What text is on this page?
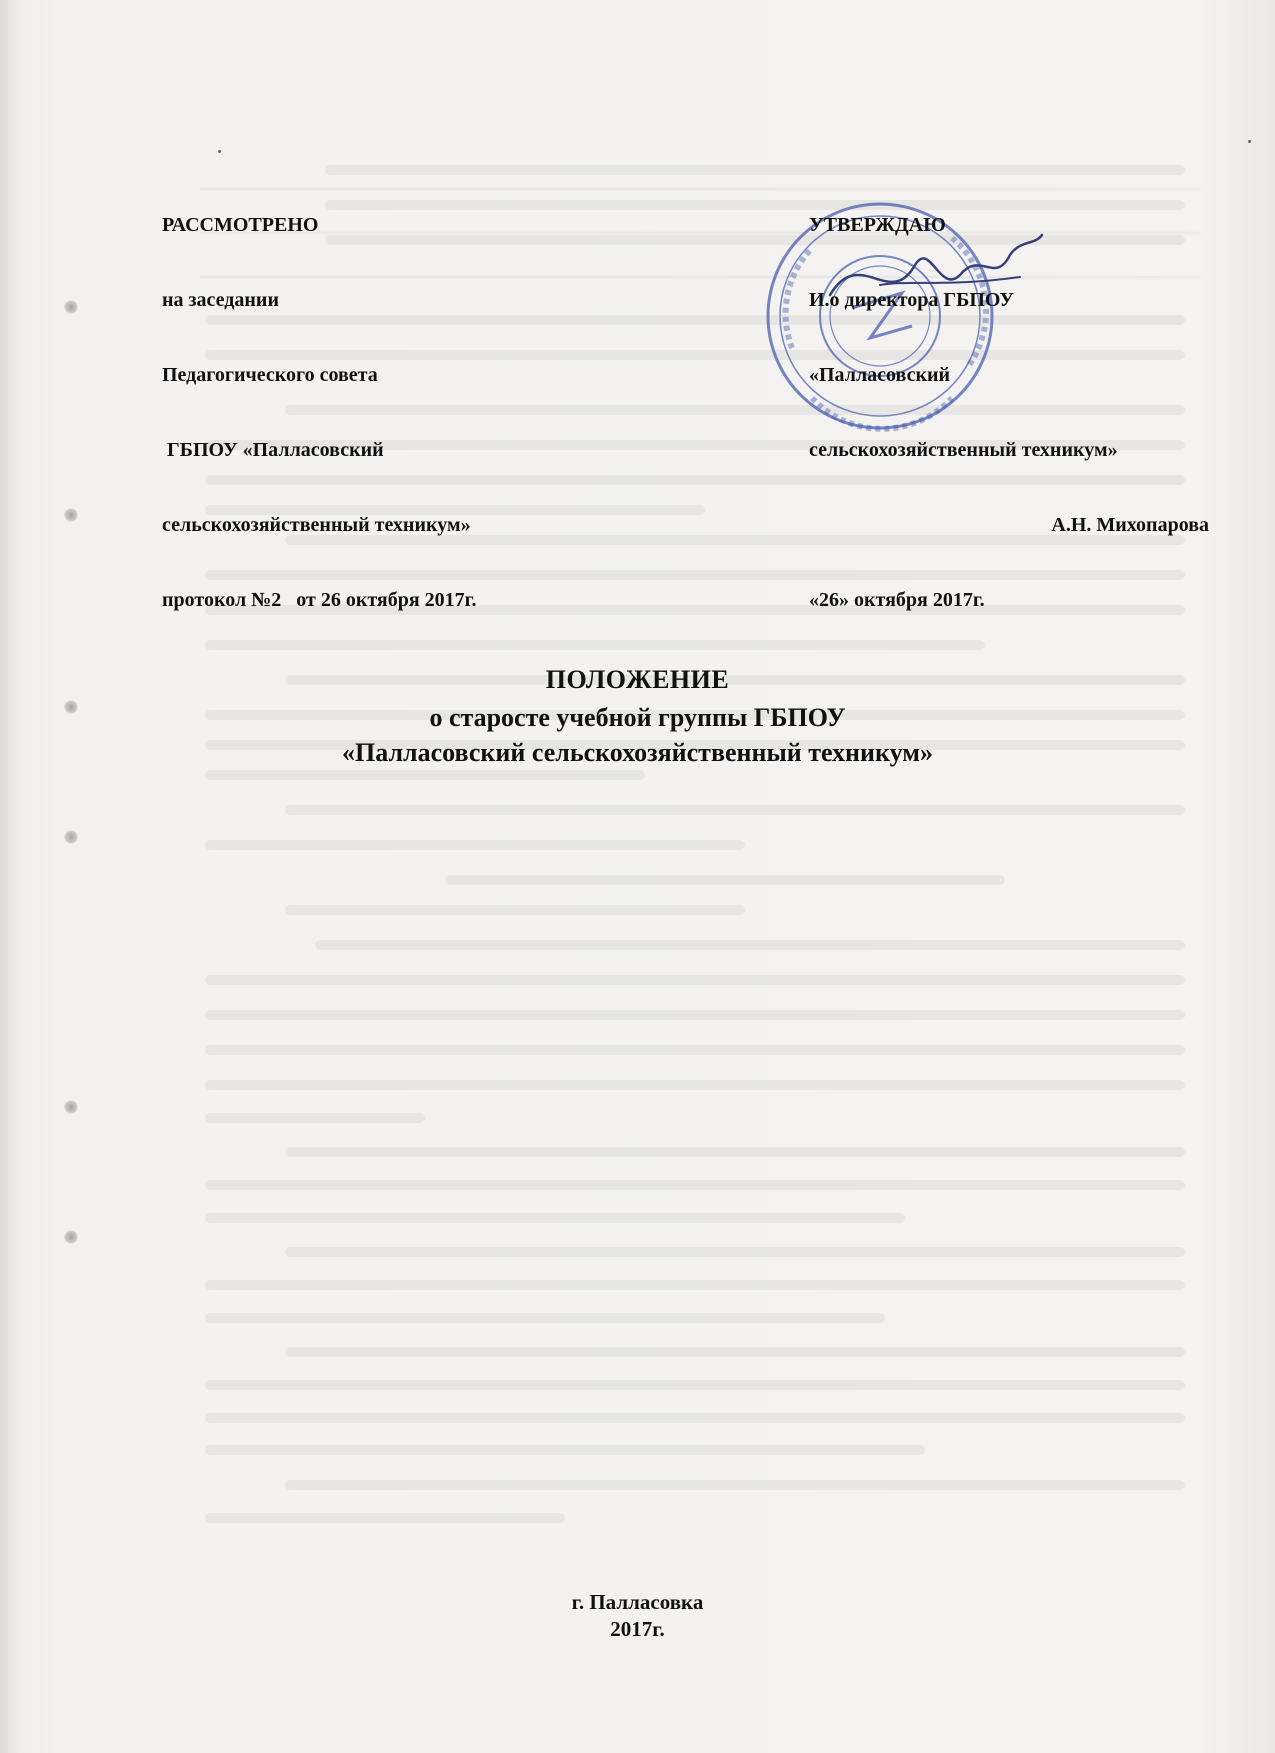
РАССМОТРЕНО

на заседании

Педагогического совета

ГБПОУ «Палласовский

сельскохозяйственный техникум»

протокол №2   от 26 октября 2017г.

УТВЕРЖДАЮ

И.о директора ГБПОУ

«Палласовский

сельскохозяйственный техникум»

А.Н. Михопарова

«26» октября 2017г.

ПОЛОЖЕНИЕ
о старосте учебной группы ГБПОУ
«Палласовский сельскохозяйственный техникум»
г. Палласовка
2017г.
